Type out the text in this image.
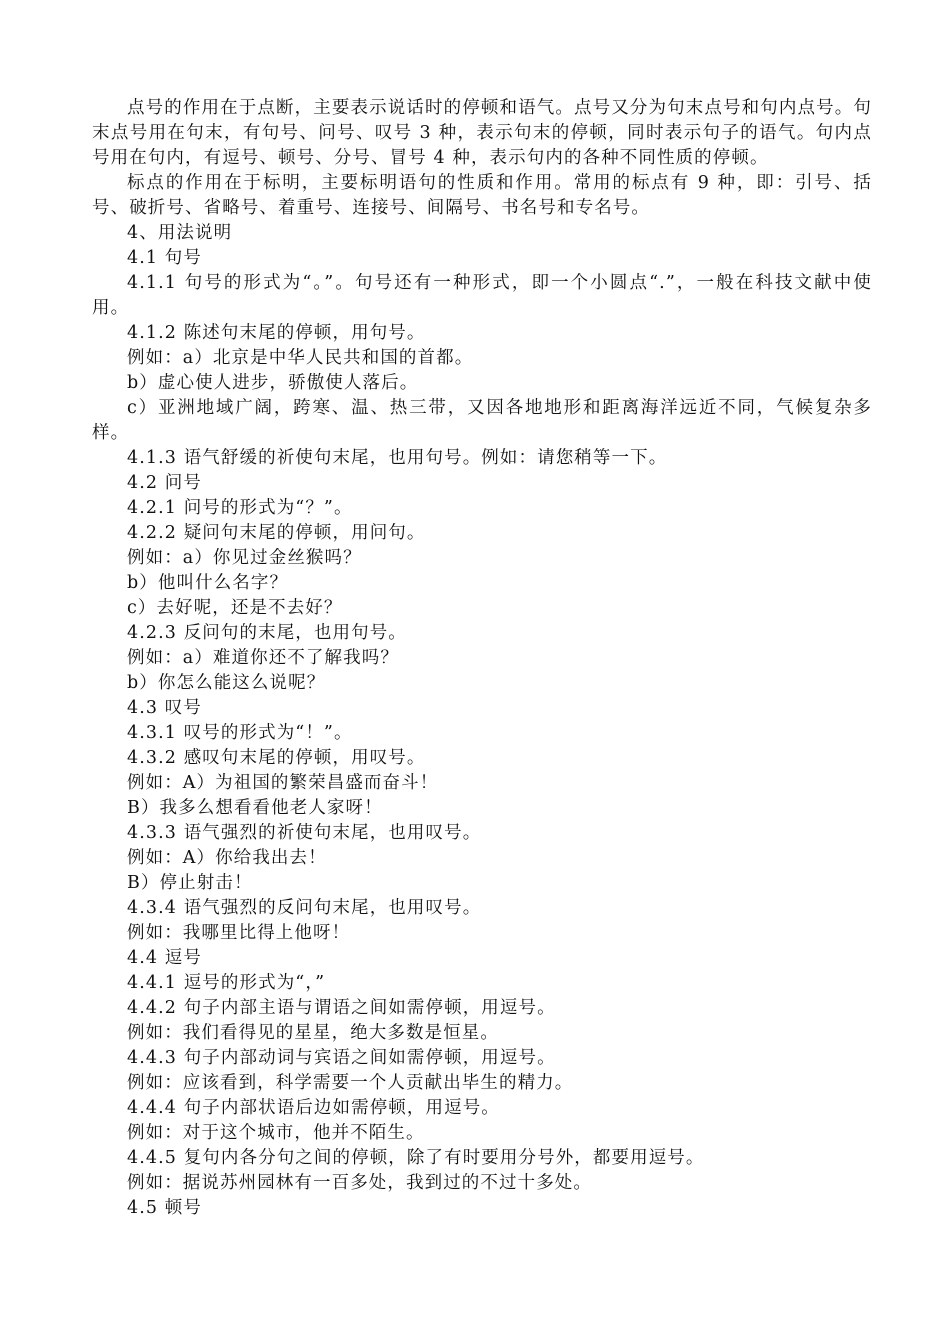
点号的作用在于点断，主要表示说话时的停顿和语气。点号又分为句末点号和句内点号。句末点号用在句末，有句号、问号、叹号 3 种，表示句末的停顿，同时表示句子的语气。句内点号用在句内，有逗号、顿号、分号、冒号 4 种，表示句内的各种不同性质的停顿。

标点的作用在于标明，主要标明语句的性质和作用。常用的标点有 9 种，即：引号、括号、破折号、省略号、着重号、连接号、间隔号、书名号和专名号。

4、用法说明

4.1 句号

4.1.1 句号的形式为“。”。句号还有一种形式，即一个小圆点“.”，一般在科技文献中使用。

4.1.2 陈述句末尾的停顿，用句号。

例如：a）北京是中华人民共和国的首都。

b）虚心使人进步，骄傲使人落后。

c）亚洲地域广阔，跨寒、温、热三带，又因各地地形和距离海洋远近不同，气候复杂多样。

4.1.3 语气舒缓的祈使句末尾，也用句号。例如：请您稍等一下。

4.2 问号

4.2.1 问号的形式为“？”。

4.2.2 疑问句末尾的停顿，用问句。

例如：a）你见过金丝猴吗？

b）他叫什么名字？

c）去好呢，还是不去好？

4.2.3 反问句的末尾，也用句号。

例如：a）难道你还不了解我吗？

b）你怎么能这么说呢？

4.3 叹号

4.3.1 叹号的形式为“！”。

4.3.2 感叹句末尾的停顿，用叹号。

例如：A）为祖国的繁荣昌盛而奋斗！

B）我多么想看看他老人家呀！

4.3.3 语气强烈的祈使句末尾，也用叹号。

例如：A）你给我出去！

B）停止射击！

4.3.4 语气强烈的反问句末尾，也用叹号。

例如：我哪里比得上他呀！

4.4 逗号

4.4.1 逗号的形式为“，”

4.4.2 句子内部主语与谓语之间如需停顿，用逗号。

例如：我们看得见的星星，绝大多数是恒星。

4.4.3 句子内部动词与宾语之间如需停顿，用逗号。

例如：应该看到，科学需要一个人贡献出毕生的精力。

4.4.4 句子内部状语后边如需停顿，用逗号。

例如：对于这个城市，他并不陌生。

4.4.5 复句内各分句之间的停顿，除了有时要用分号外，都要用逗号。

例如：据说苏州园林有一百多处，我到过的不过十多处。

4.5 顿号
